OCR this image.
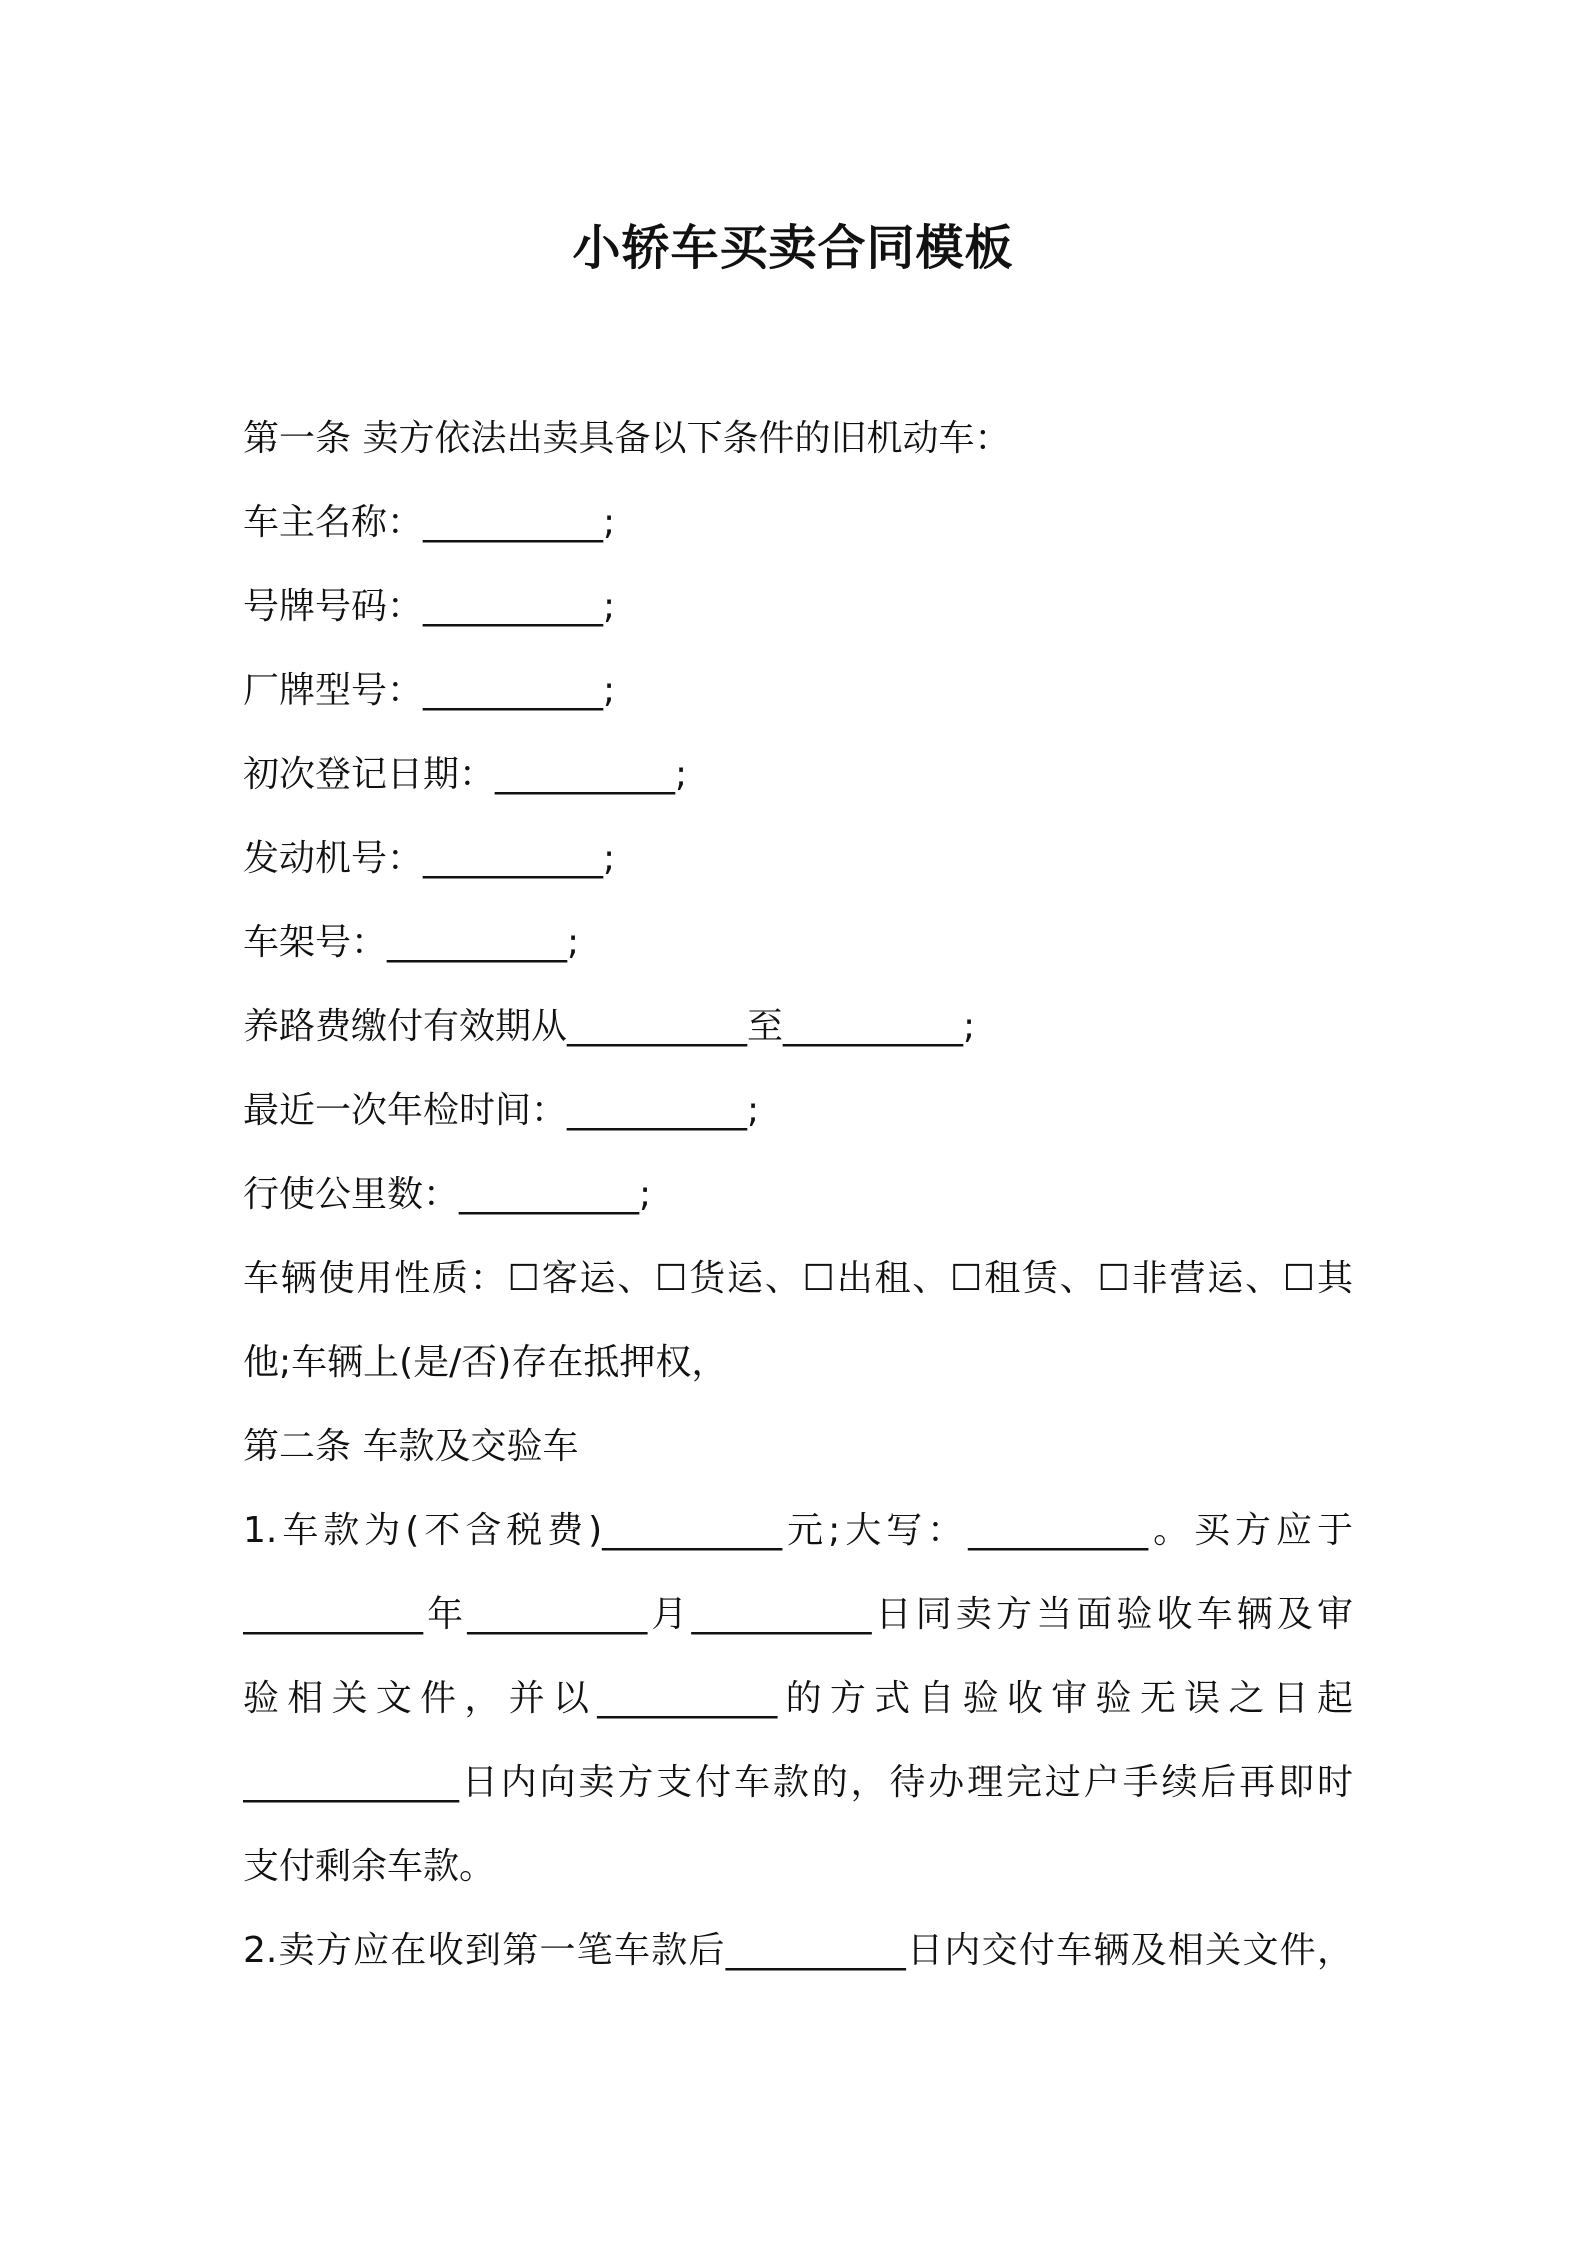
小轿车买卖合同模板
第一条 卖方依法出卖具备以下条件的旧机动车：
车主名称：__________;
号牌号码：__________;
厂牌型号：__________;
初次登记日期：__________;
发动机号：__________;
车架号：__________;
养路费缴付有效期从__________至__________;
最近一次年检时间：__________;
行使公里数：__________;
车辆使用性质：☐客运、☐货运、☐出租、☐租赁、☐非营运、☐其
他;车辆上(是/否)存在抵押权，
第二条 车款及交验车
1.车款为(不含税费)__________元;大写：__________。买方应于
__________年__________月__________日同卖方当面验收车辆及审
验相关文件，并以__________的方式自验收审验无误之日起
____________日内向卖方支付车款的，待办理完过户手续后再即时
支付剩余车款。
2.卖方应在收到第一笔车款后__________日内交付车辆及相关文件，
